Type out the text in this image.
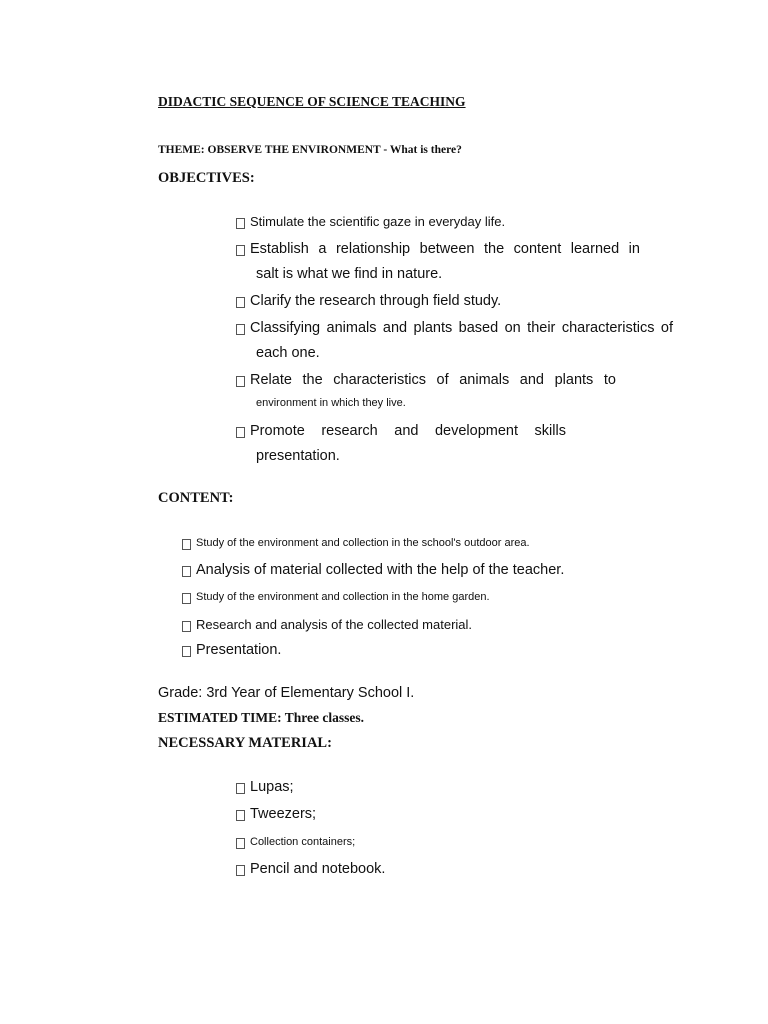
DIDACTIC SEQUENCE OF SCIENCE TEACHING
THEME: OBSERVE THE ENVIRONMENT - What is there?
OBJECTIVES:
Stimulate the scientific gaze in everyday life.
Establish a relationship between the content learned in
salt is what we find in nature.
Clarify the research through field study.
Classifying animals and plants based on their characteristics of
each one.
Relate the characteristics of animals and plants to
environment in which they live.
Promote research and development skills
presentation.
CONTENT:
Study of the environment and collection in the school's outdoor area.
Analysis of material collected with the help of the teacher.
Study of the environment and collection in the home garden.
Research and analysis of the collected material.
Presentation.
Grade: 3rd Year of Elementary School I.
ESTIMATED TIME: Three classes.
NECESSARY MATERIAL:
Lupas;
Tweezers;
Collection containers;
Pencil and notebook.
